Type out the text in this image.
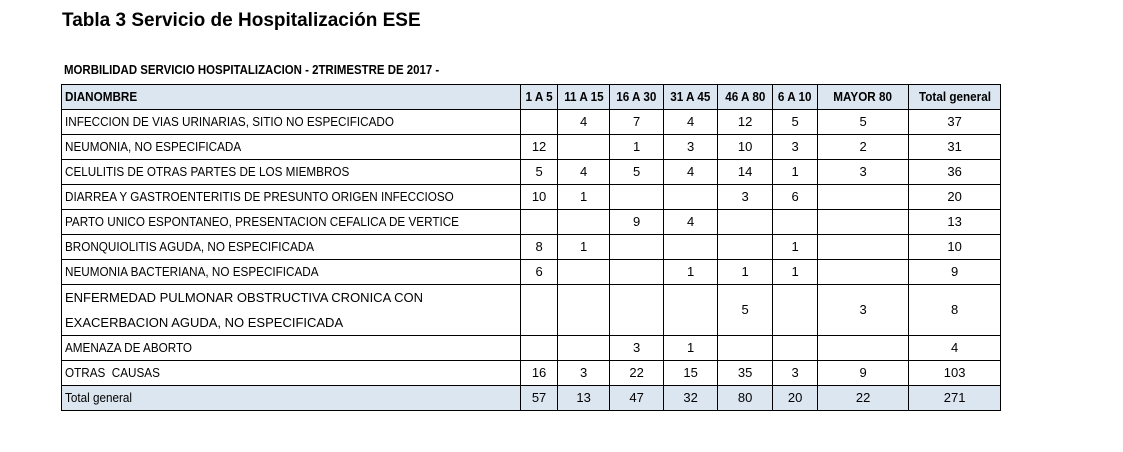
Tabla 3 Servicio de Hospitalización ESE
MORBILIDAD SERVICIO HOSPITALIZACION - 2TRIMESTRE DE 2017 -
DIANOMBRE	1 A 5	11 A 15	16 A 30	31 A 45	46 A 80	6 A 10	MAYOR 80	Total general
INFECCION DE VIAS URINARIAS, SITIO NO ESPECIFICADO		4	7	4	12	5	5	37
NEUMONIA, NO ESPECIFICADA	12		1	3	10	3	2	31
CELULITIS DE OTRAS PARTES DE LOS MIEMBROS	5	4	5	4	14	1	3	36
DIARREA Y GASTROENTERITIS DE PRESUNTO ORIGEN INFECCIOSO	10	1			3	6		20
PARTO UNICO ESPONTANEO, PRESENTACION CEFALICA DE VERTICE			9	4				13
BRONQUIOLITIS AGUDA, NO ESPECIFICADA	8	1				1		10
NEUMONIA BACTERIANA, NO ESPECIFICADA	6			1	1	1		9
ENFERMEDAD PULMONAR OBSTRUCTIVA CRONICA CON EXACERBACION AGUDA, NO ESPECIFICADA					5		3	8
AMENAZA DE ABORTO			3	1				4
OTRAS  CAUSAS	16	3	22	15	35	3	9	103
Total general	57	13	47	32	80	20	22	271
